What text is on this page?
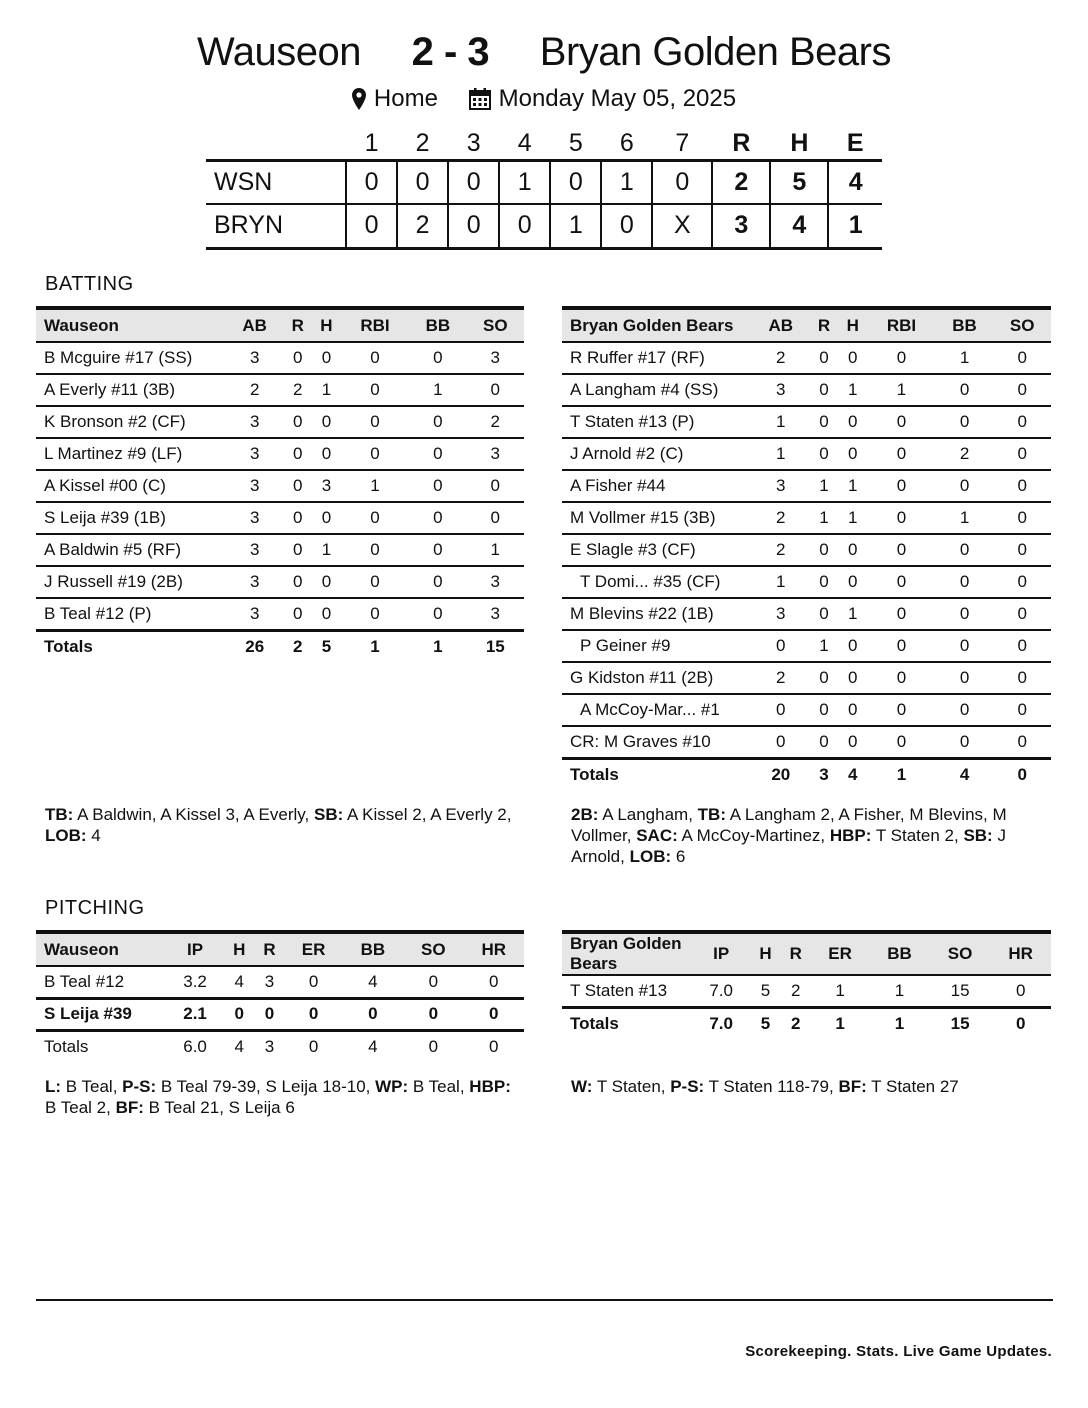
Wauseon 2 - 3 Bryan Golden Bears
Home
	Monday May 05, 2025
	1	2	3	4	5	6	7	R	H	E
WSN	0	0	0	1	0	1	0	2	5	4
BRYN	0	2	0	0	1	0	X	3	4	1
BATTING
Wauseon	AB	R	H	RBI	BB	SO
B Mcguire #17 (SS)	3	0	0	0	0	3
A Everly #11 (3B)	2	2	1	0	1	0
K Bronson #2 (CF)	3	0	0	0	0	2
L Martinez #9 (LF)	3	0	0	0	0	3
A Kissel #00 (C)	3	0	3	1	0	0
S Leija #39 (1B)	3	0	0	0	0	0
A Baldwin #5 (RF)	3	0	1	0	0	1
J Russell #19 (2B)	3	0	0	0	0	3
B Teal #12 (P)	3	0	0	0	0	3
Totals	26	2	5	1	1	15
Bryan Golden Bears	AB	R	H	RBI	BB	SO
R Ruffer #17 (RF)	2	0	0	0	1	0
A Langham #4 (SS)	3	0	1	1	0	0
T Staten #13 (P)	1	0	0	0	0	0
J Arnold #2 (C)	1	0	0	0	2	0
A Fisher #44	3	1	1	0	0	0
M Vollmer #15 (3B)	2	1	1	0	1	0
E Slagle #3 (CF)	2	0	0	0	0	0
T Domi... #35 (CF)	1	0	0	0	0	0
M Blevins #22 (1B)	3	0	1	0	0	0
P Geiner #9	0	1	0	0	0	0
G Kidston #11 (2B)	2	0	0	0	0	0
A McCoy-Mar... #1	0	0	0	0	0	0
CR: M Graves #10	0	0	0	0	0	0
Totals	20	3	4	1	4	0
TB: A Baldwin, A Kissel 3, A Everly, SB: A Kissel 2, A Everly 2, LOB: 4
2B: A Langham, TB: A Langham 2, A Fisher, M Blevins, M Vollmer, SAC: A McCoy-Martinez, HBP: T Staten 2, SB: J Arnold, LOB: 6
PITCHING
Wauseon	IP	H	R	ER	BB	SO	HR
B Teal #12	3.2	4	3	0	4	0	0
S Leija #39	2.1	0	0	0	0	0	0
Totals	6.0	4	3	0	4	0	0
Bryan Golden Bears	IP	H	R	ER	BB	SO	HR
T Staten #13	7.0	5	2	1	1	15	0
Totals	7.0	5	2	1	1	15	0
L: B Teal, P-S: B Teal 79-39, S Leija 18-10, WP: B Teal, HBP: B Teal 2, BF: B Teal 21, S Leija 6
W: T Staten, P-S: T Staten 118-79, BF: T Staten 27
Scorekeeping. Stats. Live Game Updates.
